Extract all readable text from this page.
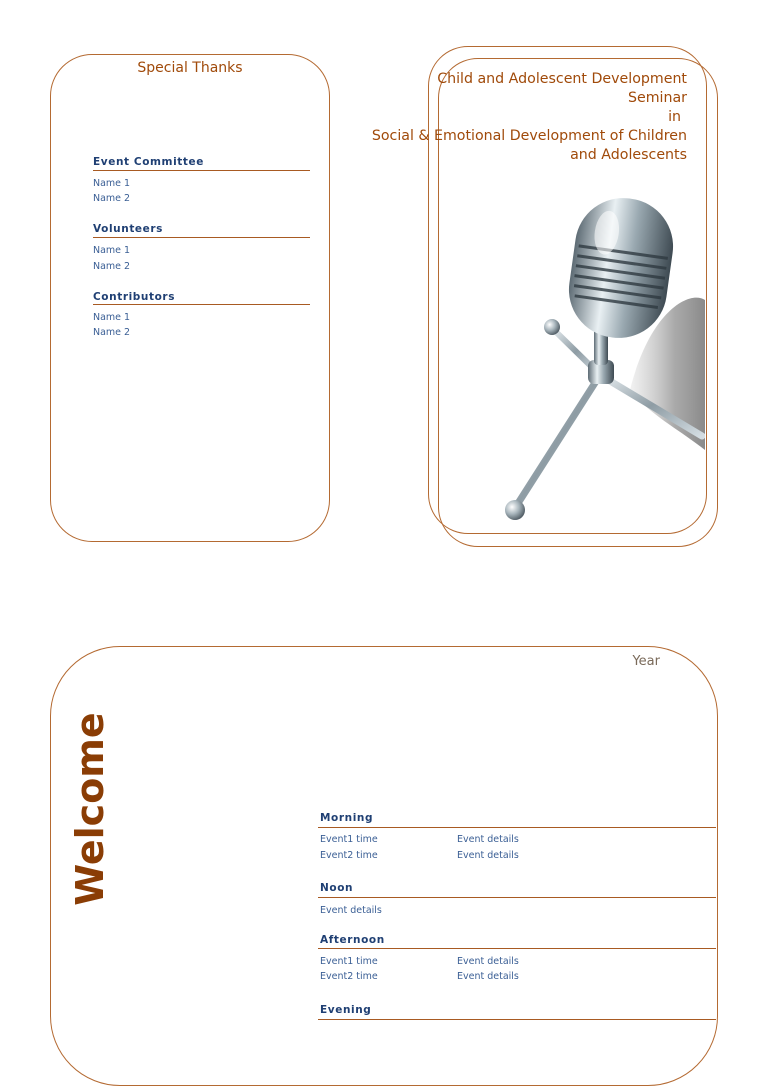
Special Thanks
Event Committee
Name 1
Name 2
Volunteers
Name 1
Name 2
Contributors
Name 1
Name 2
Child and Adolescent Development
Seminar
in
Social & Emotional Development of Children
and Adolescents
Year
Welcome	Morning
Event1 time	Event details
Event2 time	Event details
Noon
Event details
Afternoon
Event1 time	Event details
Event2 time	Event details
Evening
